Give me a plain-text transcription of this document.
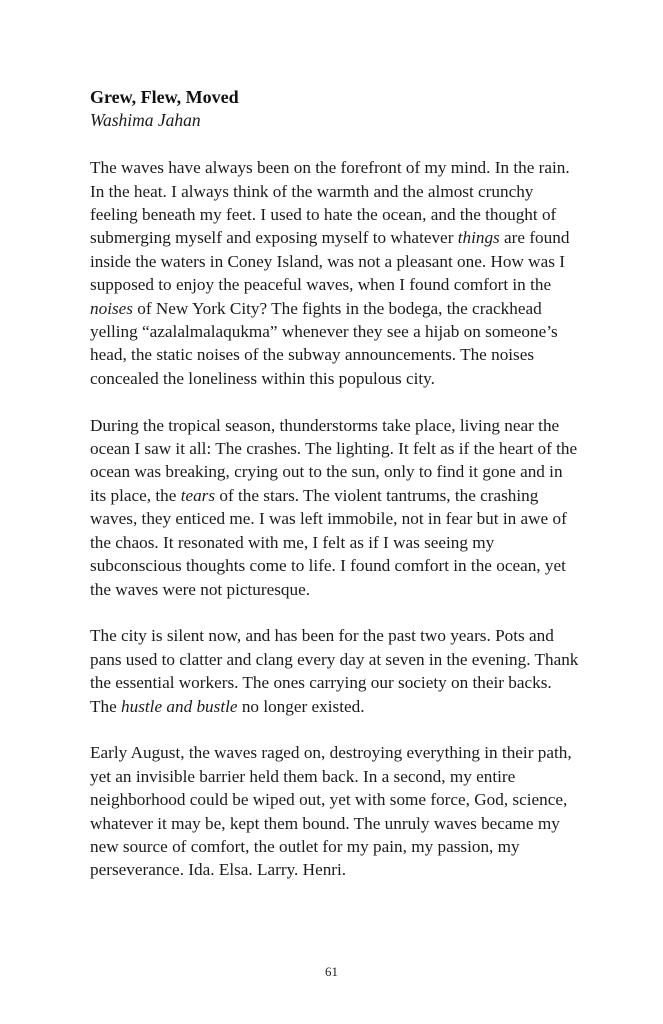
Grew, Flew, Moved
Washima Jahan

The waves have always been on the forefront of my mind. In the rain. In the heat. I always think of the warmth and the almost crunchy feeling beneath my feet. I used to hate the ocean, and the thought of submerging myself and exposing myself to whatever things are found inside the waters in Coney Island, was not a pleasant one. How was I supposed to enjoy the peaceful waves, when I found comfort in the noises of New York City? The fights in the bodega, the crackhead yelling “azalalmalaqukma” whenever they see a hijab on someone’s head, the static noises of the subway announcements. The noises concealed the loneliness within this populous city.

During the tropical season, thunderstorms take place, living near the ocean I saw it all: The crashes. The lighting. It felt as if the heart of the ocean was breaking, crying out to the sun, only to find it gone and in its place, the tears of the stars. The violent tantrums, the crashing waves, they enticed me. I was left immobile, not in fear but in awe of the chaos. It resonated with me, I felt as if I was seeing my subconscious thoughts come to life. I found comfort in the ocean, yet the waves were not picturesque.

The city is silent now, and has been for the past two years. Pots and pans used to clatter and clang every day at seven in the evening. Thank the essential workers. The ones carrying our society on their backs. The hustle and bustle no longer existed.

Early August, the waves raged on, destroying everything in their path, yet an invisible barrier held them back. In a second, my entire neighborhood could be wiped out, yet with some force, God, science, whatever it may be, kept them bound. The unruly waves became my new source of comfort, the outlet for my pain, my passion, my perseverance. Ida. Elsa. Larry. Henri.

61
